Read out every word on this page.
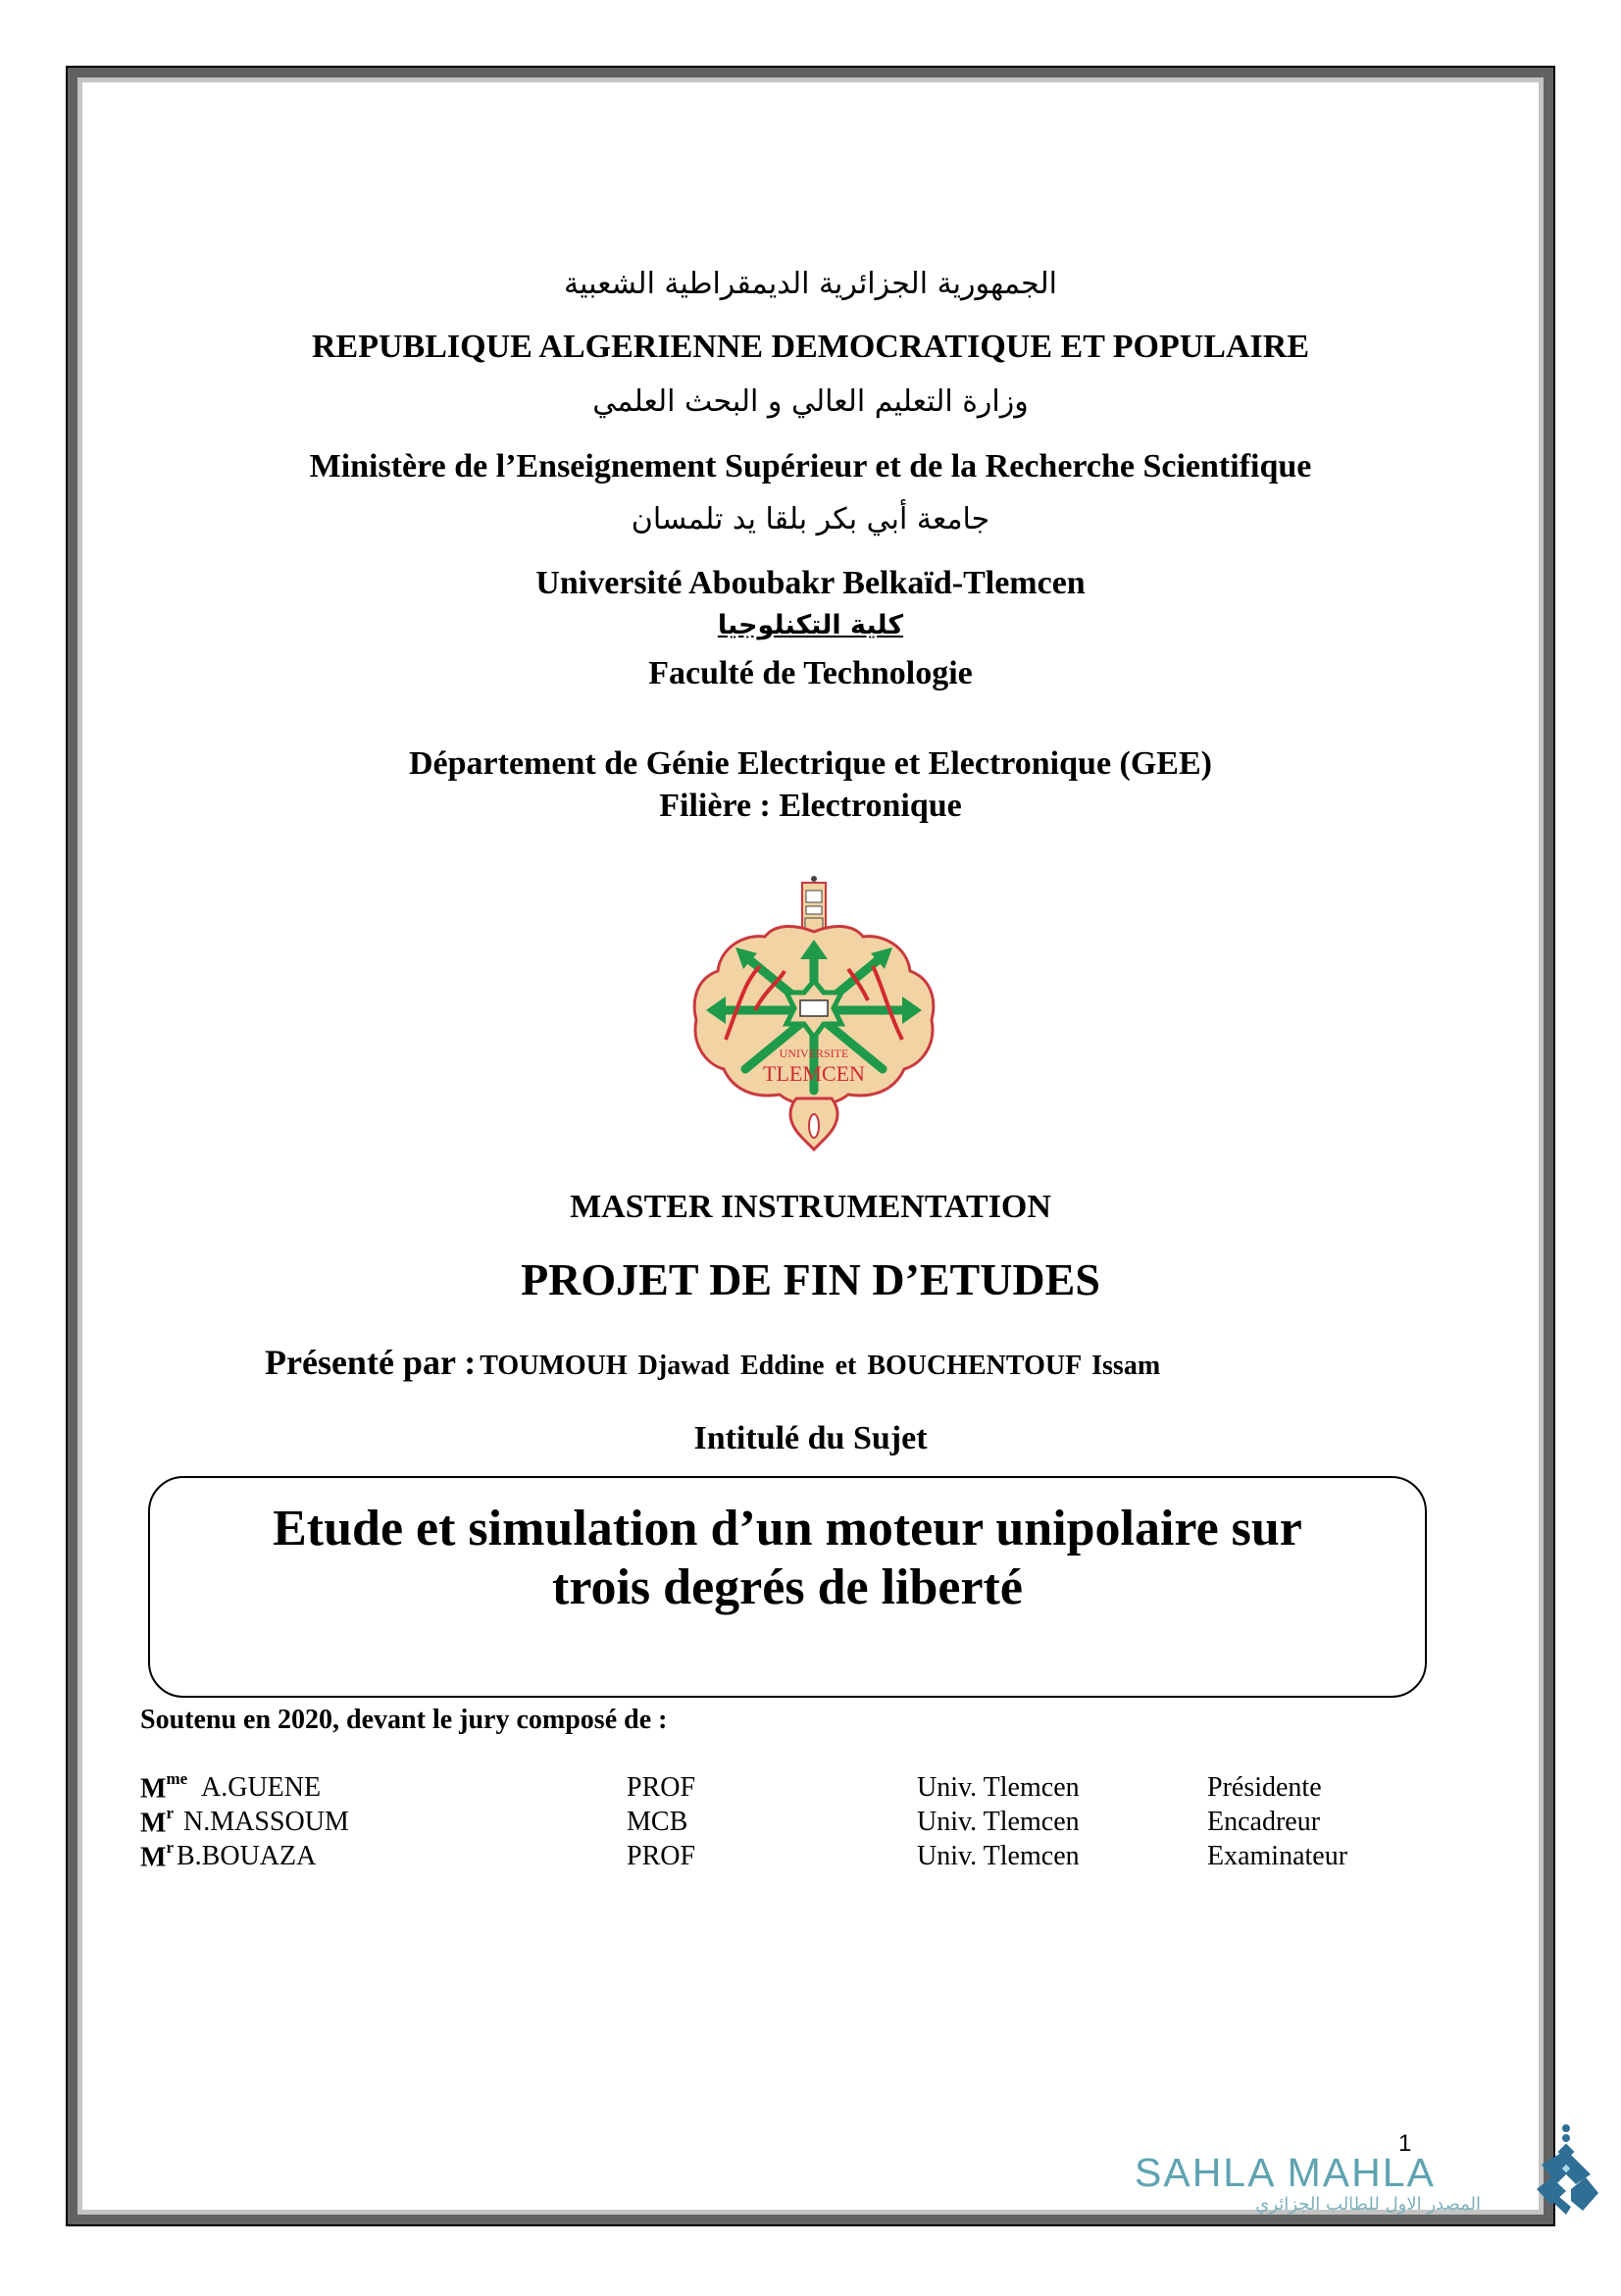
الجمهورية الجزائرية الديمقراطية الشعبية
REPUBLIQUE ALGERIENNE DEMOCRATIQUE ET POPULAIRE
وزارة التعليم العالي و البحث العلمي
Ministère de l’Enseignement Supérieur et de la Recherche Scientifique
جامعة أبي بكر بلقا يد تلمسان
Université Aboubakr Belkaïd-Tlemcen
كلية التكنلوجيا
Faculté de Technologie
Département de Génie Electrique et Electronique (GEE)
Filière : Electronique
UNIVERSITE
TLEMCEN
MASTER INSTRUMENTATION
PROJET DE FIN D’ETUDES
Présenté par : TOUMOUH Djawad Eddine et BOUCHENTOUF Issam
Intitulé du Sujet
Etude et simulation d’un moteur unipolaire sur
trois degrés de liberté
Soutenu en 2020, devant le jury composé de :
$M^{me}$ A.GUENE	PROF	Univ. Tlemcen	Présidente
$M^r$ N.MASSOUM	MCB	Univ. Tlemcen	Encadreur
$M^r$ B.BOUAZA	PROF	Univ. Tlemcen	Examinateur
1
SAHLA MAHLA
المصدر الاول للطالب الجزائري
